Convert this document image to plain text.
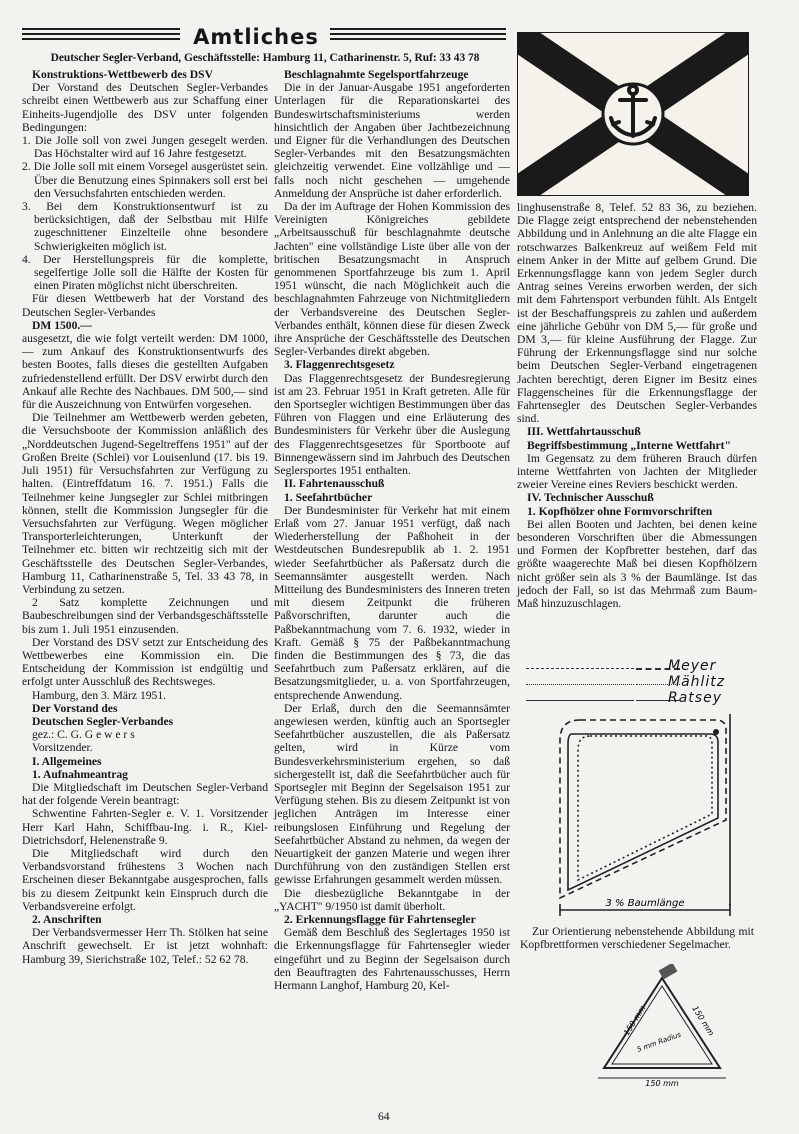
Amtliches
Deutscher Segler-Verband, Geschäftsstelle: Hamburg 11, Catharinenstr. 5, Ruf: 33 43 78

Konstruktions-Wettbewerb des DSV

Der Vorstand des Deutschen Segler-Verbandes schreibt einen Wettbewerb aus zur Schaffung einer Einheits-Jugendjolle des DSV unter folgenden Bedingungen:

1. Die Jolle soll von zwei Jungen gesegelt werden. Das Höchstalter wird auf 16 Jahre festgesetzt.
2. Die Jolle soll mit einem Vorsegel ausgerüstet sein. Über die Benutzung eines Spinnakers soll erst bei den Versuchsfahrten entschieden werden.
3. Bei dem Konstruktionsentwurf ist zu berücksichtigen, daß der Selbstbau mit Hilfe zugeschnittener Einzelteile ohne besondere Schwierigkeiten möglich ist.
4. Der Herstellungspreis für die komplette, segelfertige Jolle soll die Hälfte der Kosten für einen Piraten möglichst nicht überschreiten.

Für diesen Wettbewerb hat der Vorstand des Deutschen Segler-Verbandes

DM 1500.—

ausgesetzt, die wie folgt verteilt werden: DM 1000,— zum Ankauf des Konstruktionsentwurfs des besten Bootes, falls dieses die gestellten Aufgaben zufriedenstellend erfüllt. Der DSV erwirbt durch den Ankauf alle Rechte des Nachbaues. DM 500,— sind für die Auszeichnung von Entwürfen vorgesehen.

Die Teilnehmer am Wettbewerb werden gebeten, die Versuchsboote der Kommission anläßlich des „Norddeutschen Jugend-Segeltreffens 1951" auf der Großen Breite (Schlei) vor Louisenlund (17. bis 19. Juli 1951) für Versuchsfahrten zur Verfügung zu halten. (Eintreffdatum 16. 7. 1951.) Falls die Teilnehmer keine Jungsegler zur Schlei mitbringen können, stellt die Kommission Jungsegler für die Versuchsfahrten zur Verfügung. Wegen möglicher Transporterleichterungen, Unterkunft der Teilnehmer etc. bitten wir rechtzeitig sich mit der Geschäftsstelle des Deutschen Segler-Verbandes, Hamburg 11, Catharinenstraße 5, Tel. 33 43 78, in Verbindung zu setzen.

2 Satz komplette Zeichnungen und Baubeschreibungen sind der Verbandsgeschäftsstelle bis zum 1. Juli 1951 einzusenden.

Der Vorstand des DSV setzt zur Entscheidung des Wettbewerbes eine Kommission ein. Die Entscheidung der Kommission ist endgültig und erfolgt unter Ausschluß des Rechtsweges.

Hamburg, den 3. März 1951.

Der Vorstand des

Deutschen Segler-Verbandes

gez.: C. G. G e w e r s

Vorsitzender.

I. Allgemeines

1. Aufnahmeantrag

Die Mitgliedschaft im Deutschen Segler-Verband hat der folgende Verein beantragt:

Schwentine Fahrten-Segler e. V. 1. Vorsitzender Herr Karl Hahn, Schiffbau-Ing. i. R., Kiel-Dietrichsdorf, Helenenstraße 9.

Die Mitgliedschaft wird durch den Verbandsvorstand frühestens 3 Wochen nach Erscheinen dieser Bekanntgabe ausgesprochen, falls bis zu diesem Zeitpunkt kein Einspruch durch die Verbandsvereine erfolgt.

2. Anschriften

Der Verbandsvermesser Herr Th. Stölken hat seine Anschrift gewechselt. Er ist jetzt wohnhaft: Hamburg 39, Sierichstraße 102, Telef.: 52 62 78.

Beschlagnahmte Segelsportfahrzeuge

Die in der Januar-Ausgabe 1951 angeforderten Unterlagen für die Reparationskartei des Bundeswirtschaftsministeriums werden hinsichtlich der Angaben über Jachtbezeichnung und Eigner für die Verhandlungen des Deutschen Segler-Verbandes mit den Besatzungsmächten gleichzeitig verwendet. Eine vollzählige und — falls noch nicht geschehen — umgehende Anmeldung der Ansprüche ist daher erforderlich.

Da der im Auftrage der Hohen Kommission des Vereinigten Königreiches gebildete „Arbeitsausschuß für beschlagnahmte deutsche Jachten" eine vollständige Liste über alle von der britischen Besatzungsmacht in Anspruch genommenen Sportfahrzeuge bis zum 1. April 1951 wünscht, die nach Möglichkeit auch die beschlagnahmten Fahrzeuge von Nichtmitgliedern der Verbandsvereine des Deutschen Segler-Verbandes enthält, können diese für diesen Zweck ihre Ansprüche der Geschäftsstelle des Deutschen Segler-Verbandes direkt abgeben.

3. Flaggenrechtsgesetz

Das Flaggenrechtsgesetz der Bundesregierung ist am 23. Februar 1951 in Kraft getreten. Alle für den Sportsegler wichtigen Bestimmungen über das Führen von Flaggen und eine Erläuterung des Bundesministers für Verkehr über die Auslegung des Flaggenrechtsgesetzes für Sportboote auf Binnengewässern sind im Jahrbuch des Deutschen Seglersportes 1951 enthalten.

II. Fahrtenausschuß

1. Seefahrtbücher

Der Bundesminister für Verkehr hat mit einem Erlaß vom 27. Januar 1951 verfügt, daß nach Wiederherstellung der Paßhoheit in der Westdeutschen Bundesrepublik ab 1. 2. 1951 wieder Seefahrtbücher als Paßersatz durch die Seemannsämter ausgestellt werden. Nach Mitteilung des Bundesministers des Inneren treten mit diesem Zeitpunkt die früheren Paßvorschriften, darunter auch die Paßbekanntmachung vom 7. 6. 1932, wieder in Kraft. Gemäß § 75 der Paßbekanntmachung finden die Bestimmungen des § 73, die das Seefahrtbuch zum Paßersatz erklären, auf die Besatzungsmitglieder, u. a. von Sportfahrzeugen, entsprechende Anwendung.

Der Erlaß, durch den die Seemannsämter angewiesen werden, künftig auch an Sportsegler Seefahrtbücher auszustellen, die als Paßersatz gelten, wird in Kürze vom Bundesverkehrsministerium ergehen, so daß sichergestellt ist, daß die Seefahrtbücher auch für Sportsegler mit Beginn der Segelsaison 1951 zur Verfügung stehen. Bis zu diesem Zeitpunkt ist von jeglichen Anträgen im Interesse einer reibungslosen Einführung und Regelung der Seefahrtbücher Abstand zu nehmen, da wegen der Neuartigkeit der ganzen Materie und wegen ihrer Durchführung von den zuständigen Stellen erst gewisse Erfahrungen gesammelt werden müssen.

Die diesbezügliche Bekanntgabe in der „YACHT" 9/1950 ist damit überholt.

2. Erkennungsflagge für Fahrtensegler

Gemäß dem Beschluß des Seglertages 1950 ist die Erkennungsflagge für Fahrtensegler wieder eingeführt und zu Beginn der Segelsaison durch den Beauftragten des Fahrtenausschusses, Herrn Hermann Langhof, Hamburg 20, Kel-

linghusenstraße 8, Telef. 52 83 36, zu beziehen. Die Flagge zeigt entsprechend der nebenstehenden Abbildung und in Anlehnung an die alte Flagge ein rotschwarzes Balkenkreuz auf weißem Feld mit einem Anker in der Mitte auf gelbem Grund. Die Erkennungsflagge kann von jedem Segler durch Antrag seines Vereins erworben werden, der sich mit dem Fahrtensport verbunden fühlt. Als Entgelt ist der Beschaffungspreis zu zahlen und außerdem eine jährliche Gebühr von DM 5,— für große und DM 3,— für kleine Ausführung der Flagge. Zur Führung der Erkennungsflagge sind nur solche beim Deutschen Segler-Verband eingetragenen Jachten berechtigt, deren Eigner im Besitz eines Flaggenscheines für die Erkennungsflagge der Fahrtensegler des Deutschen Segler-Verbandes sind.

III. Wettfahrtausschuß

Begriffsbestimmung „Interne Wettfahrt"

Im Gegensatz zu dem früheren Brauch dürfen interne Wettfahrten von Jachten der Mitglieder zweier Vereine eines Reviers beschickt werden.

IV. Technischer Ausschuß

1. Kopfhölzer ohne Formvorschriften

Bei allen Booten und Jachten, bei denen keine besonderen Vorschriften über die Abmessungen und Formen der Kopfbretter bestehen, darf das größte waagerechte Maß bei diesen Kopfhölzern nicht größer sein als 3 % der Baumlänge. Ist das jedoch der Fall, so ist das Mehrmaß zum Baum-Maß hinzuzuschlagen.

Meyer
Mählitz
Ratsey
3 % Baumlänge
Zur Orientierung nebenstehende Abbildung mit Kopfbrettformen verschiedener Segelmacher.
150 mm	150 mm
5 mm Radius
150 mm
64
